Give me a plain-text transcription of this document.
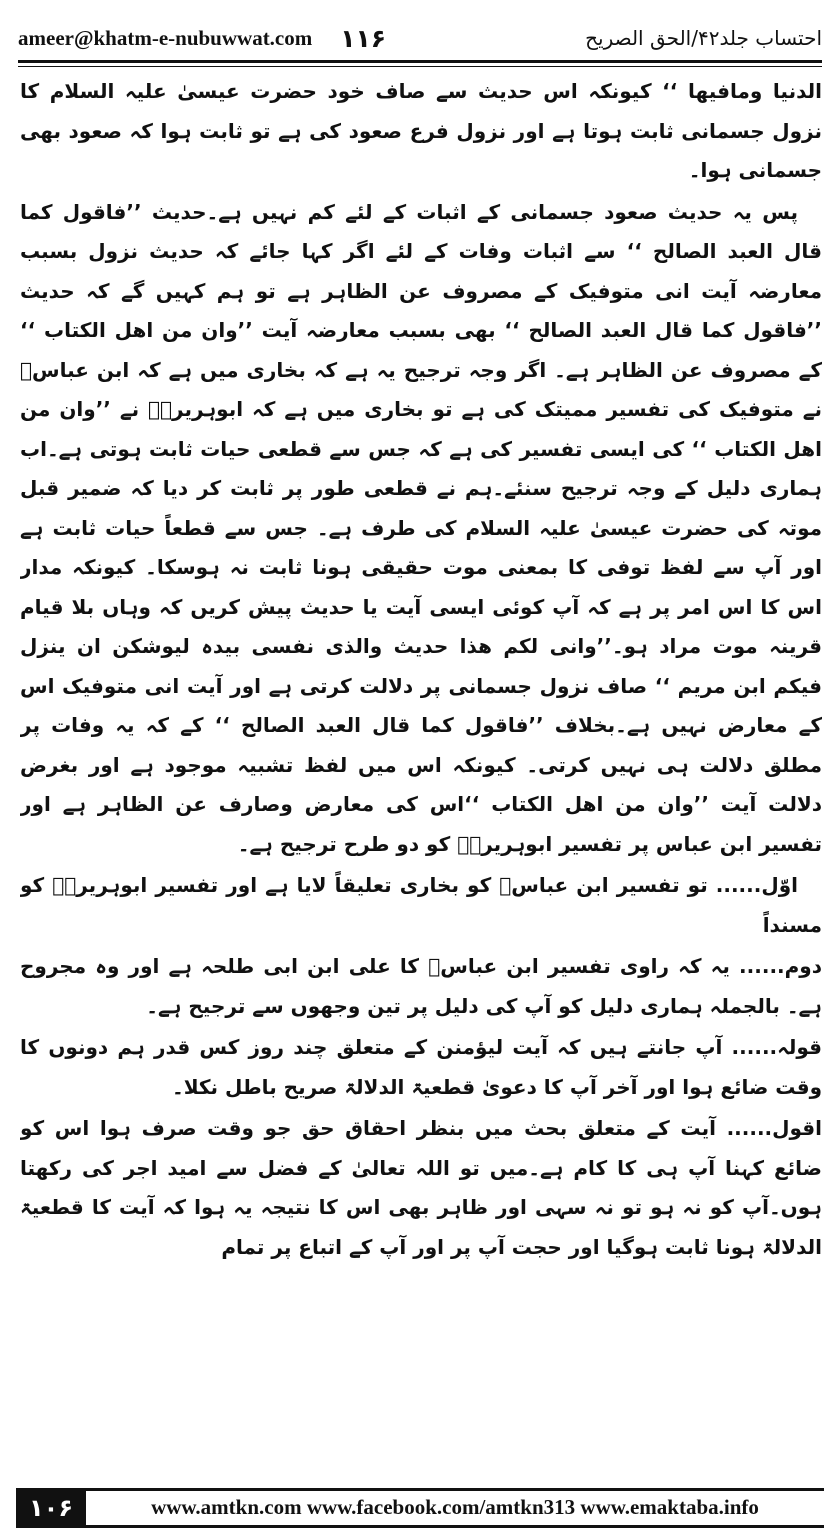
ameer@khatm-e-nubuwwat.com ۱۱۶	احتساب جلد۴۲/الحق الصریح

الدنیا ومافیھا ‘‘ کیونکہ اس حدیث سے صاف خود حضرت عیسیٰ علیہ السلام کا نزول جسمانی ثابت ہوتا ہے اور نزول فرع صعود کی ہے تو ثابت ہوا کہ صعود بھی جسمانی ہوا۔

پس یہ حدیث صعود جسمانی کے اثبات کے لئے کم نہیں ہے۔حدیث ’’فاقول کما قال العبد الصالح ‘‘ سے اثبات وفات کے لئے اگر کہا جائے کہ حدیث نزول بسبب معارضہ آیت انی متوفیک کے مصروف عن الظاہر ہے تو ہم کہیں گے کہ حدیث ’’فاقول کما قال العبد الصالح ‘‘ بھی بسبب معارضہ آیت ’’وان من اھل الکتاب ‘‘ کے مصروف عن الظاہر ہے۔ اگر وجہ ترجیح یہ ہے کہ بخاری میں ہے کہ ابن عباسؓ نے متوفیک کی تفسیر ممیتک کی ہے تو بخاری میں ہے کہ ابوہریرہؓ نے ’’وان من اھل الکتاب ‘‘ کی ایسی تفسیر کی ہے کہ جس سے قطعی حیات ثابت ہوتی ہے۔اب ہماری دلیل کے وجہ ترجیح سنئے۔ہم نے قطعی طور پر ثابت کر دیا کہ ضمیر قبل موتہ کی حضرت عیسیٰ علیہ السلام کی طرف ہے۔ جس سے قطعاً حیات ثابت ہے اور آپ سے لفظ توفی کا بمعنی موت حقیقی ہونا ثابت نہ ہوسکا۔ کیونکہ مدار اس کا اس امر پر ہے کہ آپ کوئی ایسی آیت یا حدیث پیش کریں کہ وہاں بلا قیام قرینہ موت مراد ہو۔’’وانی لکم ھذا حدیث والذی نفسی بیدہ لیوشکن ان ینزل فیکم ابن مریم ‘‘ صاف نزول جسمانی پر دلالت کرتی ہے اور آیت انی متوفیک اس کے معارض نہیں ہے۔بخلاف ’’فاقول کما قال العبد الصالح ‘‘ کے کہ یہ وفات پر مطلق دلالت ہی نہیں کرتی۔ کیونکہ اس میں لفظ تشبیہ موجود ہے اور بغرض دلالت آیت ’’وان من اھل الکتاب ‘‘اس کی معارض وصارف عن الظاہر ہے اور تفسیر ابن عباس پر تفسیر ابوہریرہؓ کو دو طرح ترجیح ہے۔

اوّل...... تو تفسیر ابن عباسؓ کو بخاری تعلیقاً لایا ہے اور تفسیر ابوہریرہؓ کو مسنداً

دوم...... یہ کہ راوی تفسیر ابن عباسؓ کا علی ابن ابی طلحہ ہے اور وہ مجروح ہے۔ بالجملہ ہماری دلیل کو آپ کی دلیل پر تین وجھوں سے ترجیح ہے۔

قولہ...... آپ جانتے ہیں کہ آیت لیؤمنن کے متعلق چند روز کس قدر ہم دونوں کا وقت ضائع ہوا اور آخر آپ کا دعویٰ قطعیۃ الدلالۃ صریح باطل نکلا۔

اقول...... آیت کے متعلق بحث میں بنظر احقاق حق جو وقت صرف ہوا اس کو ضائع کہنا آپ ہی کا کام ہے۔میں تو اللہ تعالیٰ کے فضل سے امید اجر کی رکھتا ہوں۔آپ کو نہ ہو تو نہ سہی اور ظاہر بھی اس کا نتیجہ یہ ہوا کہ آیت کا قطعیۃ الدلالۃ ہونا ثابت ہوگیا اور حجت آپ پر اور آپ کے اتباع پر تمام

۱۰۶	www.amtkn.com www.facebook.com/amtkn313 www.emaktaba.info
